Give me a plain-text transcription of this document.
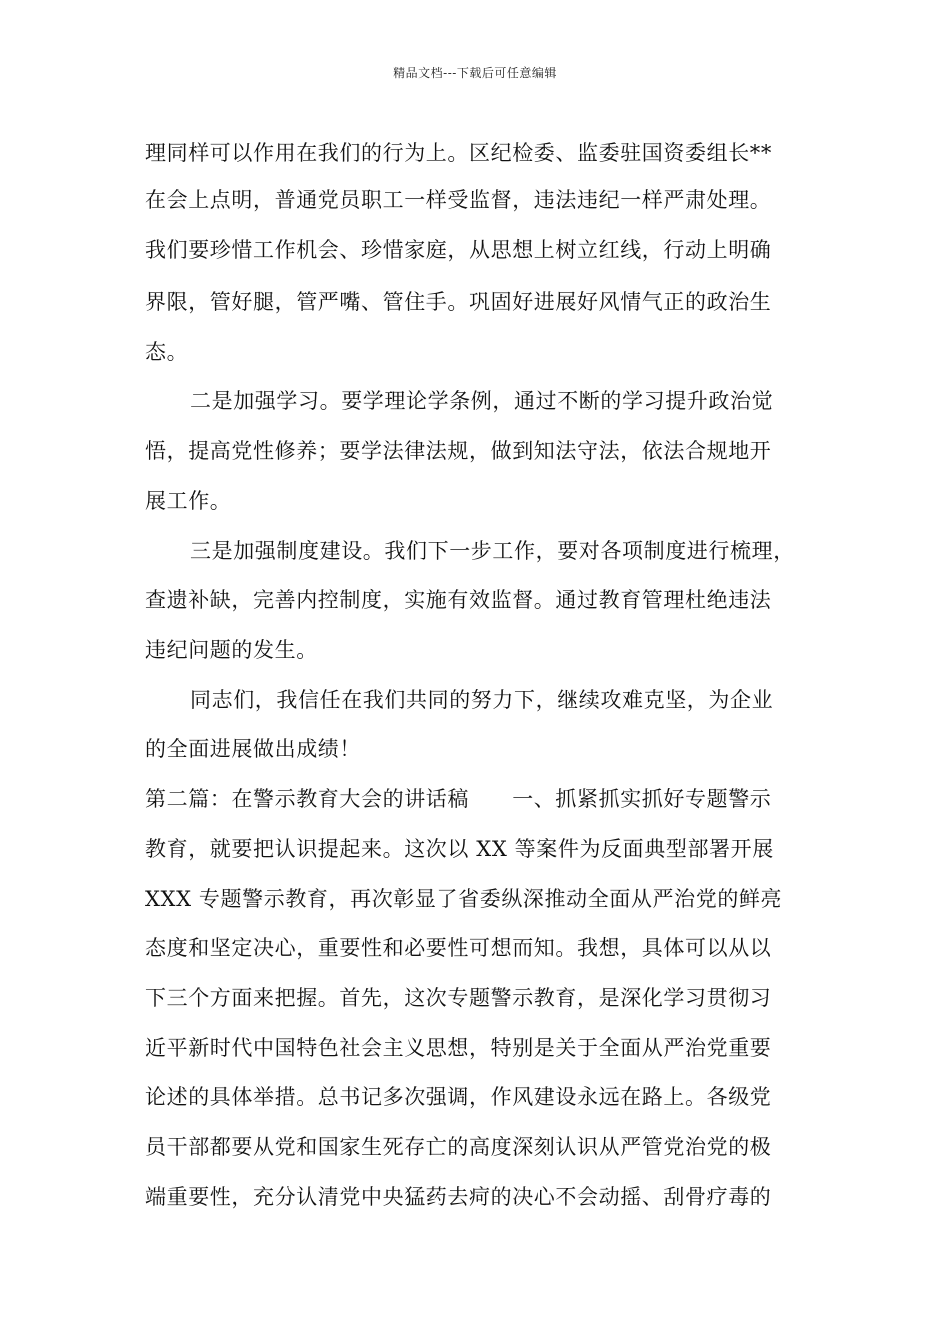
精品文档---下载后可任意编辑
理同样可以作用在我们的行为上。区纪检委、监委驻国资委组长**
在会上点明，普通党员职工一样受监督，违法违纪一样严肃处理。
我们要珍惜工作机会、珍惜家庭，从思想上树立红线，行动上明确
界限，管好腿，管严嘴、管住手。巩固好进展好风情气正的政治生
态。
二是加强学习。要学理论学条例，通过不断的学习提升政治觉
悟，提高党性修养；要学法律法规，做到知法守法，依法合规地开
展工作。
三是加强制度建设。我们下一步工作，要对各项制度进行梳理，
查遗补缺，完善内控制度，实施有效监督。通过教育管理杜绝违法
违纪问题的发生。
同志们，我信任在我们共同的努力下，继续攻难克坚，为企业
的全面进展做出成绩！
第二篇：在警示教育大会的讲话稿　　一、抓紧抓实抓好专题警示
教育，就要把认识提起来。这次以 XX 等案件为反面典型部署开展
XXX 专题警示教育，再次彰显了省委纵深推动全面从严治党的鲜亮
态度和坚定决心，重要性和必要性可想而知。我想，具体可以从以
下三个方面来把握。首先，这次专题警示教育，是深化学习贯彻习
近平新时代中国特色社会主义思想，特别是关于全面从严治党重要
论述的具体举措。总书记多次强调，作风建设永远在路上。各级党
员干部都要从党和国家生死存亡的高度深刻认识从严管党治党的极
端重要性，充分认清党中央猛药去疴的决心不会动摇、刮骨疗毒的
